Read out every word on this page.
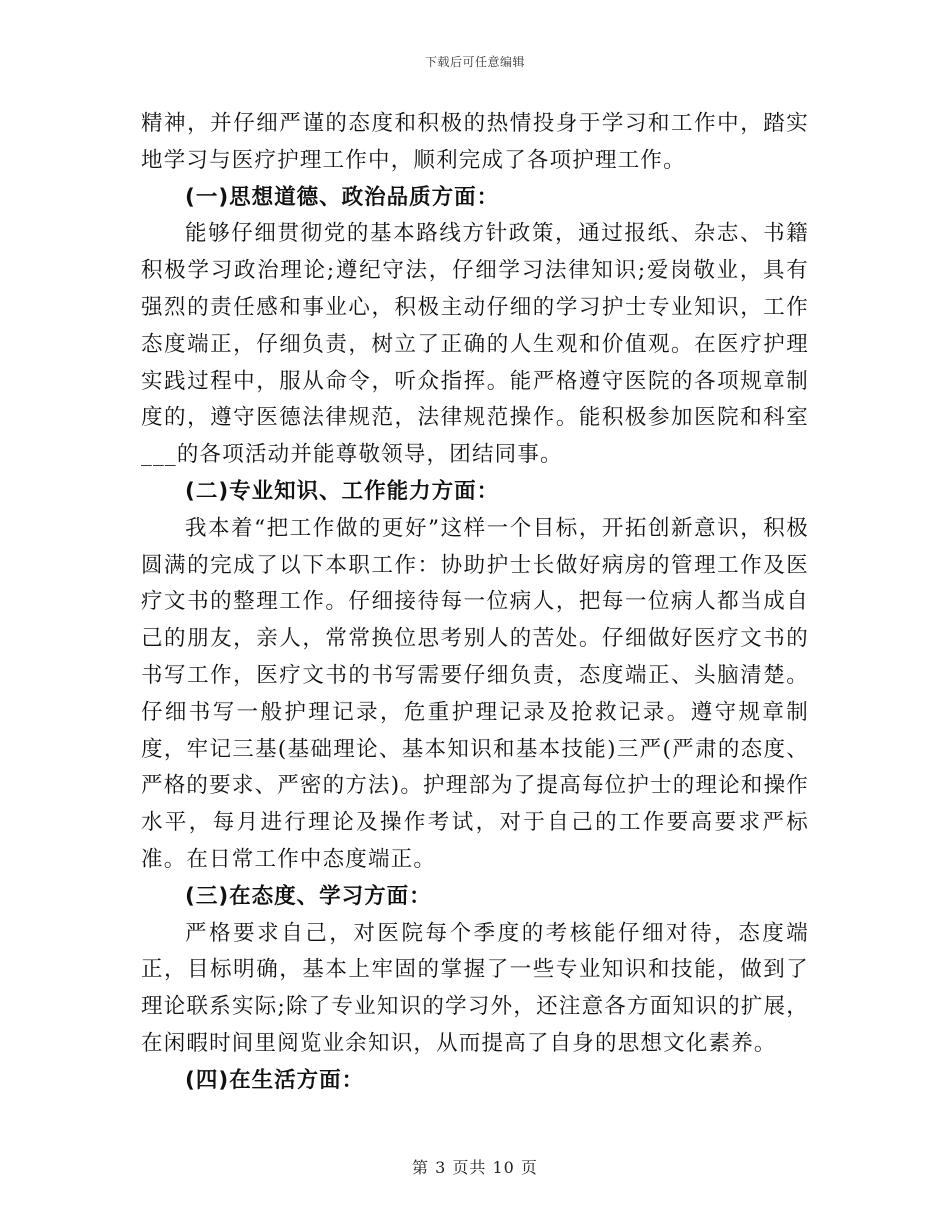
下载后可任意编辑

精神，并仔细严谨的态度和积极的热情投身于学习和工作中，踏实地学习与医疗护理工作中，顺利完成了各项护理工作。

(一)思想道德、政治品质方面：

能够仔细贯彻党的基本路线方针政策，通过报纸、杂志、书籍积极学习政治理论;遵纪守法，仔细学习法律知识;爱岗敬业，具有强烈的责任感和事业心，积极主动仔细的学习护士专业知识，工作态度端正，仔细负责，树立了正确的人生观和价值观。在医疗护理实践过程中，服从命令，听众指挥。能严格遵守医院的各项规章制度的，遵守医德法律规范，法律规范操作。能积极参加医院和科室___的各项活动并能尊敬领导，团结同事。

(二)专业知识、工作能力方面：

我本着“把工作做的更好”这样一个目标，开拓创新意识，积极圆满的完成了以下本职工作：协助护士长做好病房的管理工作及医疗文书的整理工作。仔细接待每一位病人，把每一位病人都当成自己的朋友，亲人，常常换位思考别人的苦处。仔细做好医疗文书的书写工作，医疗文书的书写需要仔细负责，态度端正、头脑清楚。仔细书写一般护理记录，危重护理记录及抢救记录。遵守规章制度，牢记三基(基础理论、基本知识和基本技能)三严(严肃的态度、严格的要求、严密的方法)。护理部为了提高每位护士的理论和操作水平，每月进行理论及操作考试，对于自己的工作要高要求严标准。在日常工作中态度端正。

(三)在态度、学习方面：

严格要求自己，对医院每个季度的考核能仔细对待，态度端正，目标明确，基本上牢固的掌握了一些专业知识和技能，做到了理论联系实际;除了专业知识的学习外，还注意各方面知识的扩展，在闲暇时间里阅览业余知识，从而提高了自身的思想文化素养。

(四)在生活方面：

第 3 页共 10 页
